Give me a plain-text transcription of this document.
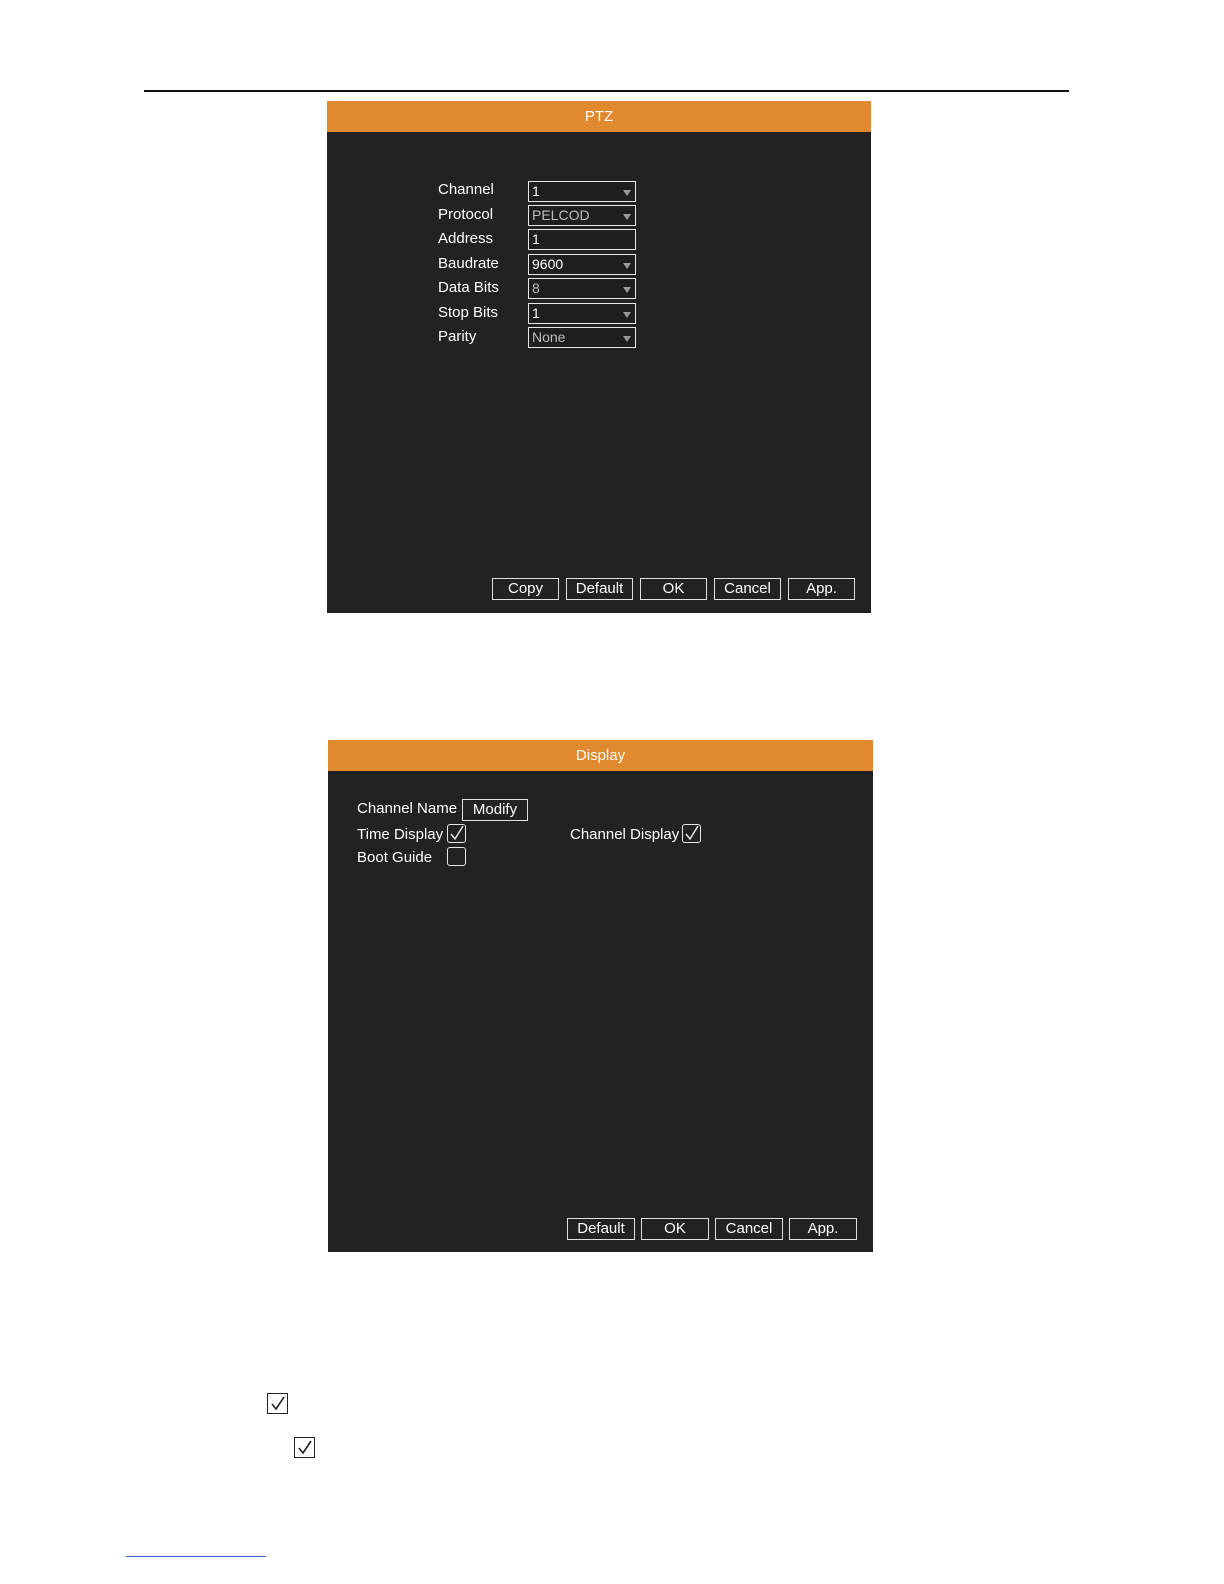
PTZ
Channel	1
Protocol	PELCOD
Address	1
Baudrate 9600
Data Bits 8
Stop Bits 1
Parity	None
Copy	Default	OK	Cancel	App.
Display
Channel Name	Modify
Time Display	Channel Display
Boot Guide
Default	OK	Cancel	App.
